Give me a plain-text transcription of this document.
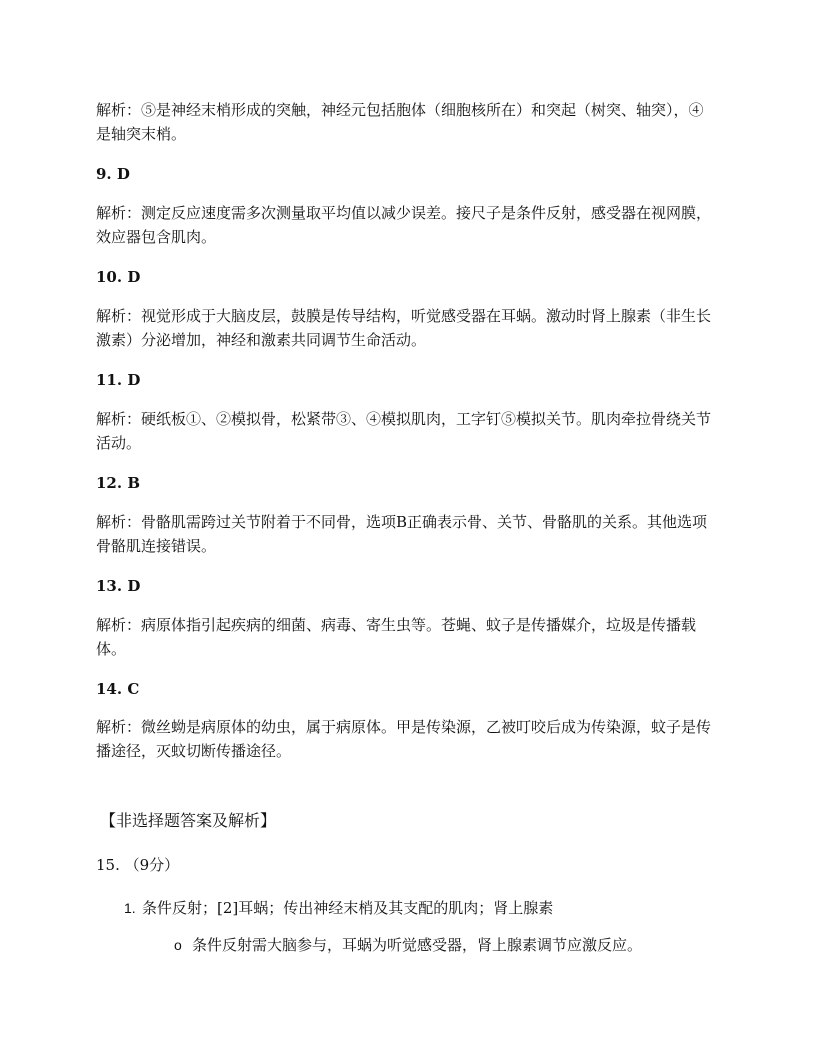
解析：⑤是神经末梢形成的突触，神经元包括胞体（细胞核所在）和突起（树突、轴突），④是轴突末梢。

9. D

解析：测定反应速度需多次测量取平均值以减少误差。接尺子是条件反射，感受器在视网膜，效应器包含肌肉。

10. D

解析：视觉形成于大脑皮层，鼓膜是传导结构，听觉感受器在耳蜗。激动时肾上腺素（非生长激素）分泌增加，神经和激素共同调节生命活动。

11. D

解析：硬纸板①、②模拟骨，松紧带③、④模拟肌肉，工字钉⑤模拟关节。肌肉牵拉骨绕关节活动。

12. B

解析：骨骼肌需跨过关节附着于不同骨，选项B正确表示骨、关节、骨骼肌的关系。其他选项骨骼肌连接错误。

13. D

解析：病原体指引起疾病的细菌、病毒、寄生虫等。苍蝇、蚊子是传播媒介，垃圾是传播载体。

14. C

解析：微丝蚴是病原体的幼虫，属于病原体。甲是传染源，乙被叮咬后成为传染源，蚊子是传播途径，灭蚊切断传播途径。

【非选择题答案及解析】

15. （9分）

1. 条件反射；[2]耳蜗；传出神经末梢及其支配的肌肉；肾上腺素
o 条件反射需大脑参与，耳蜗为听觉感受器，肾上腺素调节应激反应。
